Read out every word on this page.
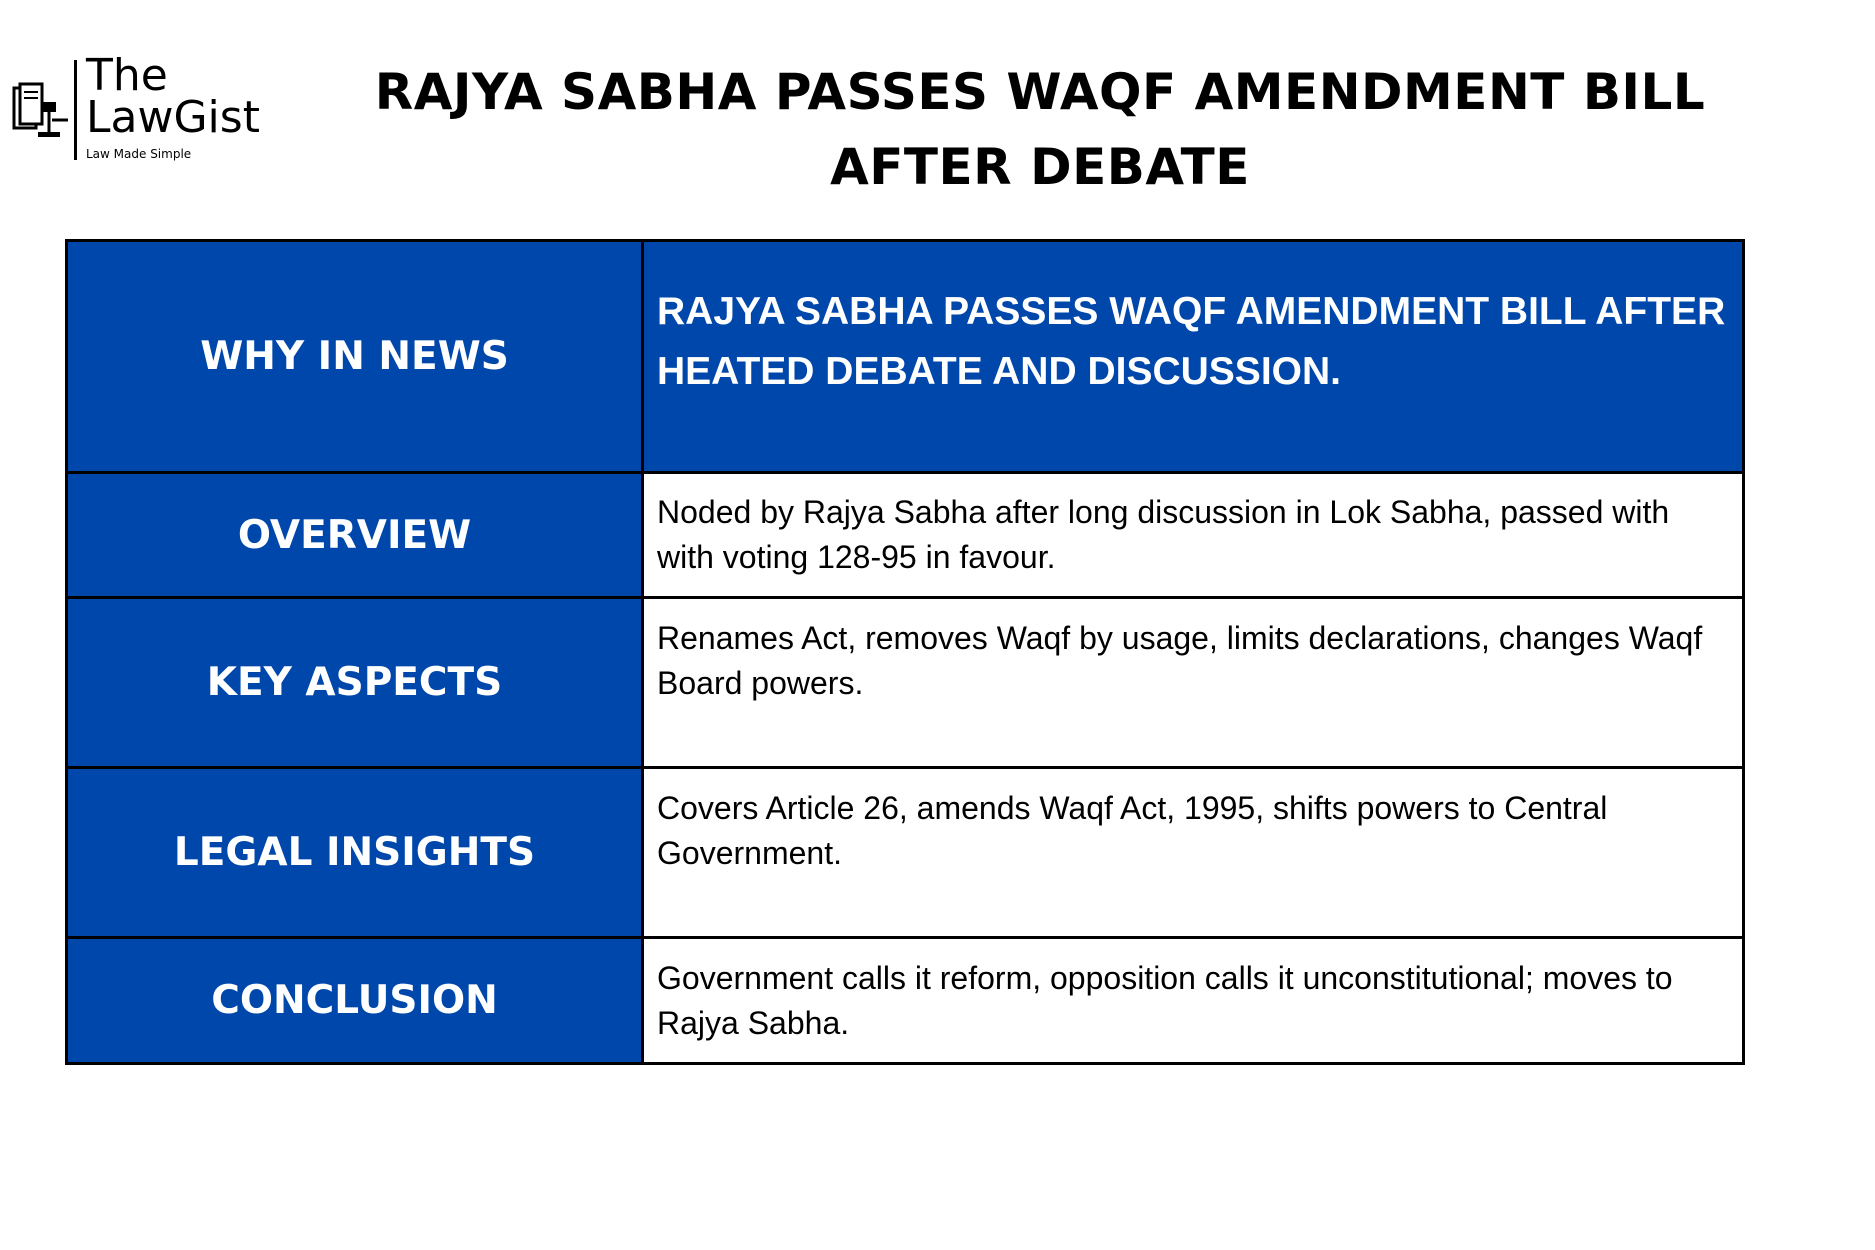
The
LawGist
Law Made Simple
RAJYA SABHA PASSES WAQF AMENDMENT BILL
AFTER DEBATE
WHY IN NEWS	RAJYA SABHA PASSES WAQF AMENDMENT BILL AFTER HEATED DEBATE AND DISCUSSION.

OVERVIEW	Noded by Rajya Sabha after long discussion in Lok Sabha, passed with with voting 128-95 in favour.
KEY ASPECTS	Renames Act, removes Waqf by usage, limits declarations, changes Waqf Board powers.

LEGAL INSIGHTS	Covers Article 26, amends Waqf Act, 1995, shifts powers to Central Government.

CONCLUSION	Government calls it reform, opposition calls it unconstitutional; moves to Rajya Sabha.
